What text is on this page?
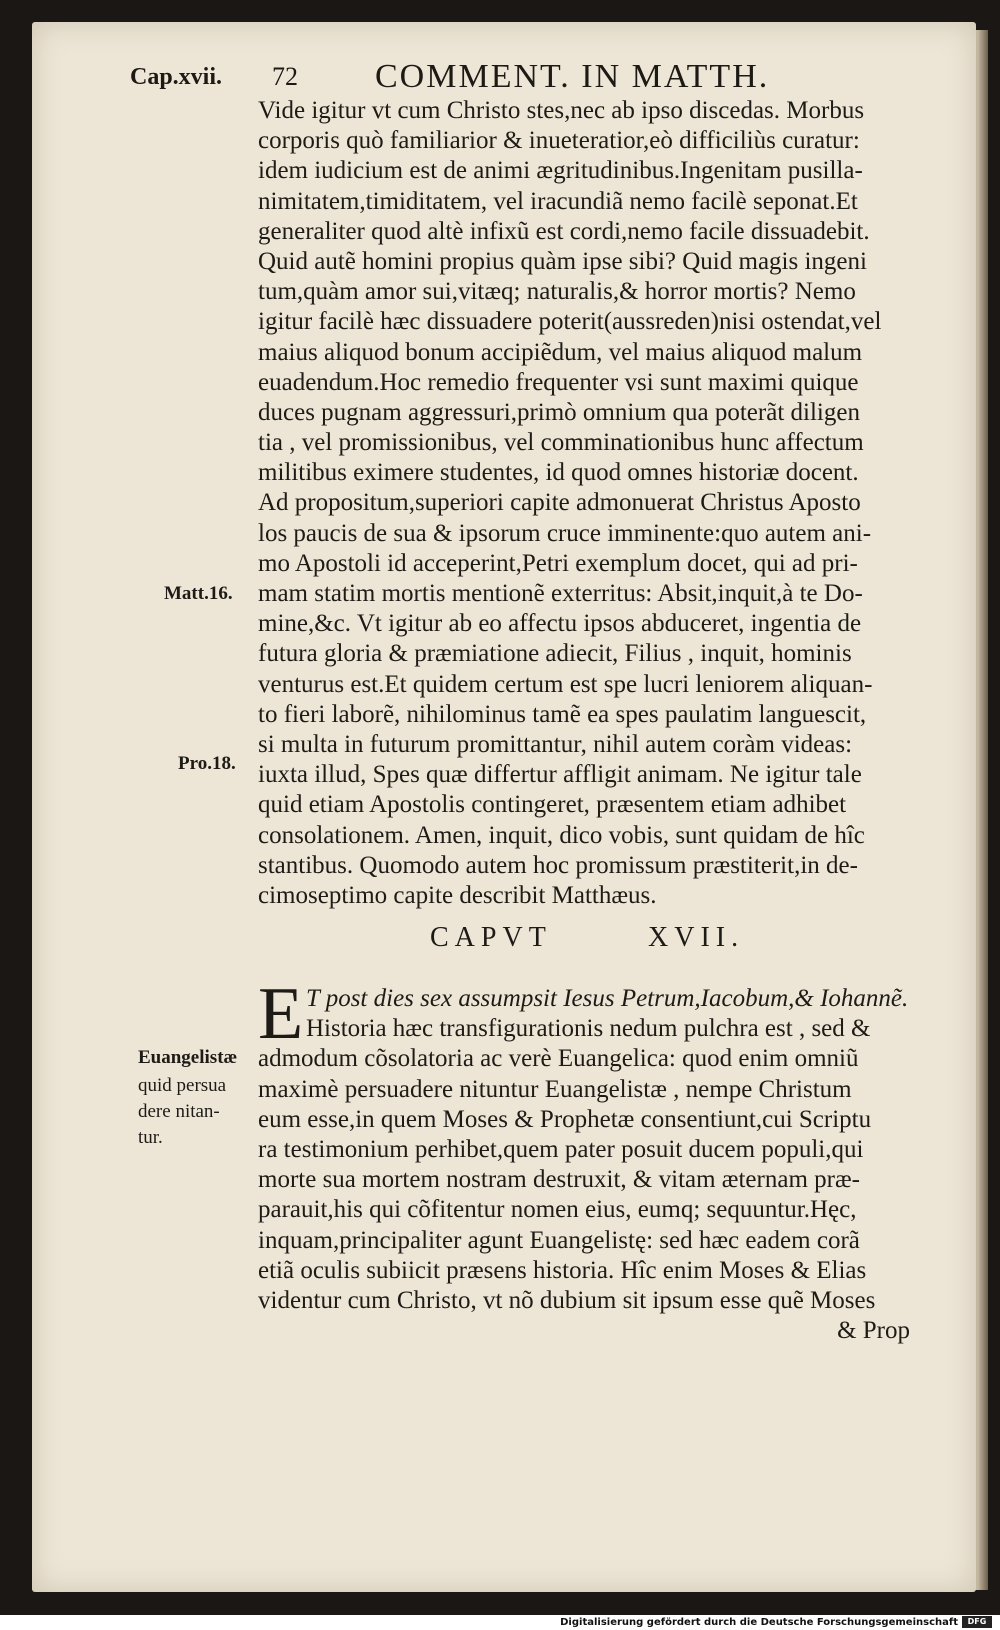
Cap.xvii. 72 COMMENT. IN MATTH.
Vide igitur vt cum Christo stes,nec ab ipso discedas. Morbus
corporis quò familiarior & inueteratior,eò difficiliùs curatur:
idem iudicium est de animi ægritudinibus.Ingenitam pusilla-
nimitatem,timiditatem, vel iracundiã nemo facilè seponat.Et
generaliter quod altè infixũ est cordi,nemo facile dissuadebit.
Quid autẽ homini propius quàm ipse sibi? Quid magis ingeni
tum,quàm amor sui,vitæq; naturalis,& horror mortis? Nemo
igitur facilè hæc dissuadere poterit(aussreden)nisi ostendat,vel
maius aliquod bonum accipiẽdum, vel maius aliquod malum
euadendum.Hoc remedio frequenter vsi sunt maximi quique
duces pugnam aggressuri,primò omnium qua poterãt diligen
tia , vel promissionibus, vel comminationibus hunc affectum
militibus eximere studentes, id quod omnes historiæ docent.
Ad propositum,superiori capite admonuerat Christus Aposto
los paucis de sua & ipsorum cruce imminente:quo autem ani-
mo Apostoli id acceperint,Petri exemplum docet, qui ad pri-
mam statim mortis mentionẽ exterritus: Absit,inquit,à te Do-
mine,&c. Vt igitur ab eo affectu ipsos abduceret, ingentia de
futura gloria & præmiatione adiecit, Filius , inquit, hominis
venturus est.Et quidem certum est spe lucri leniorem aliquan-
to fieri laborẽ, nihilominus tamẽ ea spes paulatim languescit,
si multa in futurum promittantur, nihil autem coràm videas:
iuxta illud, Spes quæ differtur affligit animam. Ne igitur tale
quid etiam Apostolis contingeret, præsentem etiam adhibet
consolationem. Amen, inquit, dico vobis, sunt quidam de hîc
stantibus. Quomodo autem hoc promissum præstiterit,in de-
cimoseptimo capite describit Matthæus.
Matt.16.
Pro.18.
CAPVT	XVII.
E T post dies sex assumpsit Iesus Petrum,Iacobum,& Iohannẽ.
Historia hæc transfigurationis nedum pulchra est , sed &
admodum cõsolatoria ac verè Euangelica: quod enim omniũ
maximè persuadere nituntur Euangelistæ , nempe Christum
eum esse,in quem Moses & Prophetæ consentiunt,cui Scriptu
ra testimonium perhibet,quem pater posuit ducem populi,qui
morte sua mortem nostram destruxit, & vitam æternam præ-
parauit,his qui cõfitentur nomen eius, eumq; sequuntur.Hęc,
inquam,principaliter agunt Euangelistę: sed hæc eadem corã
etiã oculis subiicit præsens historia. Hîc enim Moses & Elias
videntur cum Christo, vt nõ dubium sit ipsum esse quẽ Moses
& Prop
Euangelistæ
quid persua
dere nitan-
tur.
Digitalisierung gefördert durch die Deutsche Forschungsgemeinschaft	DFG
